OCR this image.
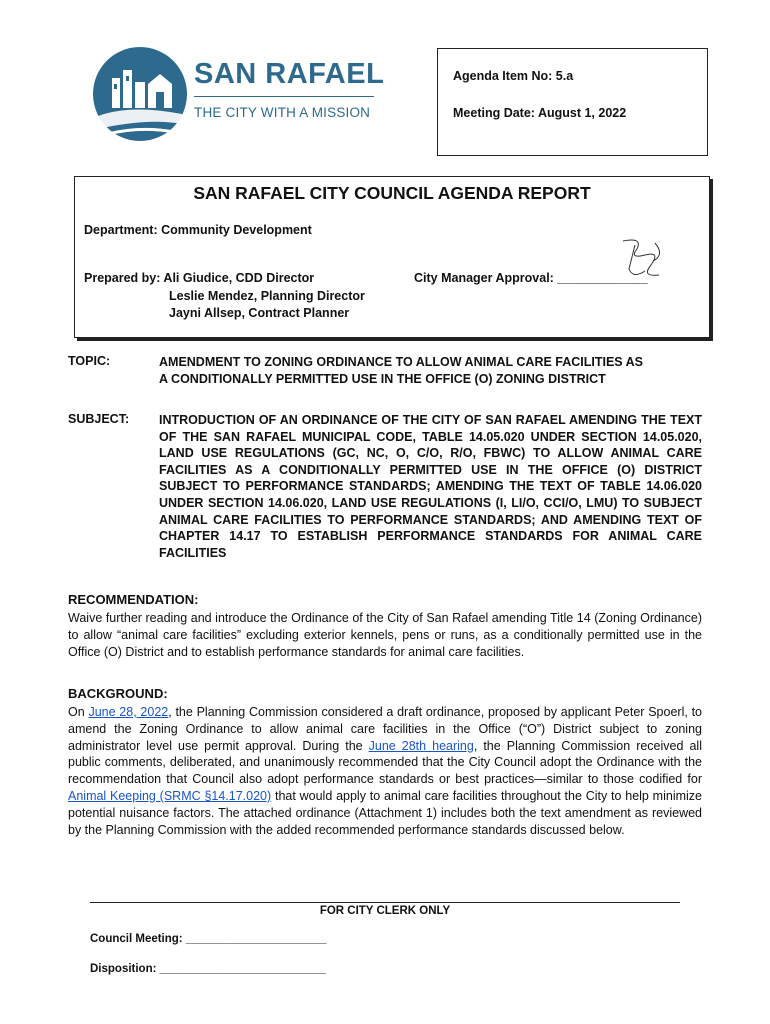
SAN RAFAEL
THE CITY WITH A MISSION
Agenda Item No: 5.a
Meeting Date: August 1, 2022
SAN RAFAEL CITY COUNCIL AGENDA REPORT
Department: Community Development
Prepared by: Ali Giudice, CDD Director
Leslie Mendez, Planning Director
Jayni Allsep, Contract Planner
City Manager Approval: _____________
TOPIC:	AMENDMENT TO ZONING ORDINANCE TO ALLOW ANIMAL CARE FACILITIES AS
A CONDITIONALLY PERMITTED USE IN THE OFFICE (O) ZONING DISTRICT
SUBJECT: INTRODUCTION OF AN ORDINANCE OF THE CITY OF SAN RAFAEL AMENDING THE TEXT OF THE SAN RAFAEL MUNICIPAL CODE, TABLE 14.05.020 UNDER SECTION 14.05.020, LAND USE REGULATIONS (GC, NC, O, C/O, R/O, FBWC) TO ALLOW ANIMAL CARE FACILITIES AS A CONDITIONALLY PERMITTED USE IN THE OFFICE (O) DISTRICT SUBJECT TO PERFORMANCE STANDARDS; AMENDING THE TEXT OF TABLE 14.06.020 UNDER SECTION 14.06.020, LAND USE REGULATIONS (I, LI/O, CCI/O, LMU) TO SUBJECT ANIMAL CARE FACILITIES TO PERFORMANCE STANDARDS; AND AMENDING TEXT OF CHAPTER 14.17 TO ESTABLISH PERFORMANCE STANDARDS FOR ANIMAL CARE FACILITIES
RECOMMENDATION:
Waive further reading and introduce the Ordinance of the City of San Rafael amending Title 14 (Zoning Ordinance) to allow “animal care facilities” excluding exterior kennels, pens or runs, as a conditionally permitted use in the Office (O) District and to establish performance standards for animal care facilities.
BACKGROUND:
On June 28, 2022, the Planning Commission considered a draft ordinance, proposed by applicant Peter Spoerl, to amend the Zoning Ordinance to allow animal care facilities in the Office (“O”) District subject to zoning administrator level use permit approval. During the June 28th hearing, the Planning Commission received all public comments, deliberated, and unanimously recommended that the City Council adopt the Ordinance with the recommendation that Council also adopt performance standards or best practices—similar to those codified for Animal Keeping (SRMC §14.17.020) that would apply to animal care facilities throughout the City to help minimize potential nuisance factors. The attached ordinance (Attachment 1) includes both the text amendment as reviewed by the Planning Commission with the added recommended performance standards discussed below.
FOR CITY CLERK ONLY
Council Meeting: ______________________
Disposition: __________________________
